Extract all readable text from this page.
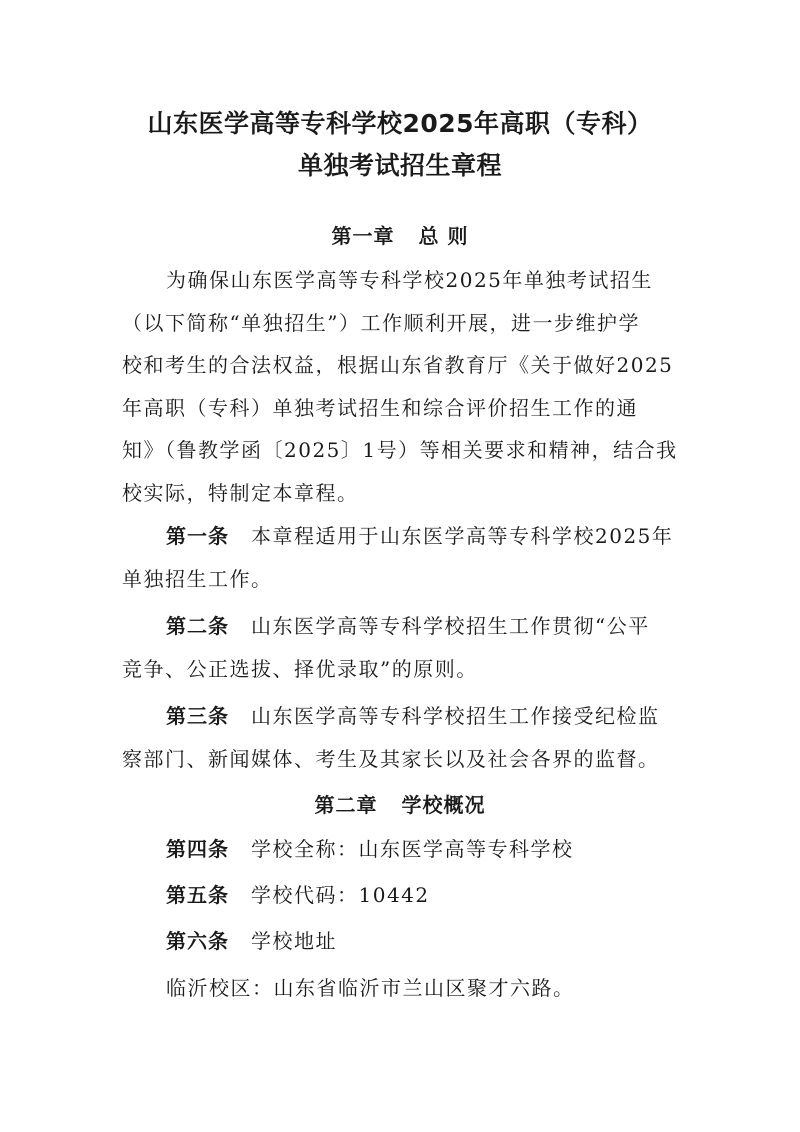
山东医学高等专科学校2025年高职（专科）
单独考试招生章程
第一章 总 则
为确保山东医学高等专科学校2025年单独考试招生
（以下简称“单独招生”）工作顺利开展，进一步维护学
校和考生的合法权益，根据山东省教育厅《关于做好2025
年高职（专科）单独考试招生和综合评价招生工作的通
知》（鲁教学函〔2025〕1号）等相关要求和精神，结合我
校实际，特制定本章程。
第一条 本章程适用于山东医学高等专科学校2025年
单独招生工作。
第二条 山东医学高等专科学校招生工作贯彻“公平
竞争、公正选拔、择优录取”的原则。
第三条 山东医学高等专科学校招生工作接受纪检监
察部门、新闻媒体、考生及其家长以及社会各界的监督。
第二章 学校概况
第四条 学校全称：山东医学高等专科学校
第五条 学校代码：10442
第六条 学校地址
临沂校区：山东省临沂市兰山区聚才六路。
